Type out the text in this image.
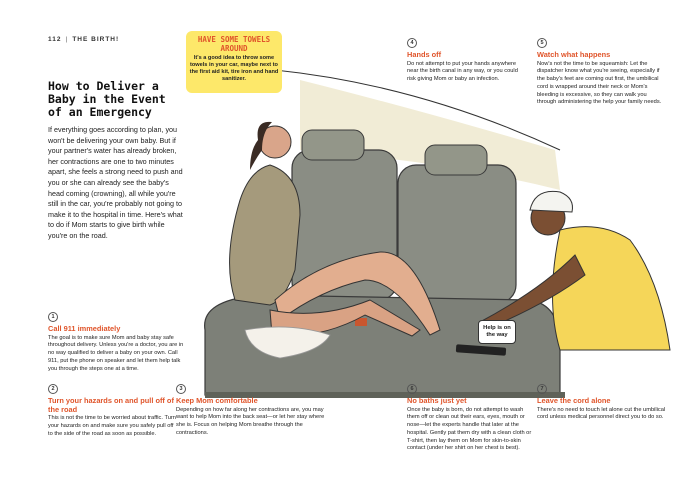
112 | THE BIRTH!	HAVE SOME TOWELS AROUND
It's a good idea to throw some towels in your car, maybe next to the first aid kit, tire iron and hand sanitizer.
How to Deliver a Baby in the Event of an Emergency
If everything goes according to plan, you won't be delivering your own baby. But if your partner's water has already broken, her contractions are one to two minutes apart, she feels a strong need to push and you or she can already see the baby's head coming (crowning), all while you're still in the car, you're probably not going to make it to the hospital in time. Here's what to do if Mom starts to give birth while you're on the road.
1
Call 911 immediately
The goal is to make sure Mom and baby stay safe throughout delivery. Unless you're a doctor, you are in no way qualified to deliver a baby on your own. Call 911, put the phone on speaker and let them help talk you through the steps one at a time.
2
Turn your hazards on and pull off of the road
This is not the time to be worried about traffic. Turn your hazards on and make sure you safely pull off to the side of the road as soon as possible.
3
Keep Mom comfortable
Depending on how far along her contractions are, you may want to help Mom into the back seat—or let her stay where she is. Focus on helping Mom breathe through the contractions.
4
Hands off
Do not attempt to put your hands anywhere near the birth canal in any way, or you could risk giving Mom or baby an infection.
5
Watch what happens
Now's not the time to be squeamish: Let the dispatcher know what you're seeing, especially if the baby's feet are coming out first, the umbilical cord is wrapped around their neck or Mom's bleeding is excessive, so they can walk you through administering the help your family needs.
6
No baths just yet
Once the baby is born, do not attempt to wash them off or clean out their ears, eyes, mouth or nose—let the experts handle that later at the hospital. Gently pat them dry with a clean cloth or T-shirt, then lay them on Mom for skin-to-skin contact (under her shirt on her chest is best).
7
Leave the cord alone
There's no need to touch let alone cut the umbilical cord unless medical personnel direct you to do so.
Help is on the way
